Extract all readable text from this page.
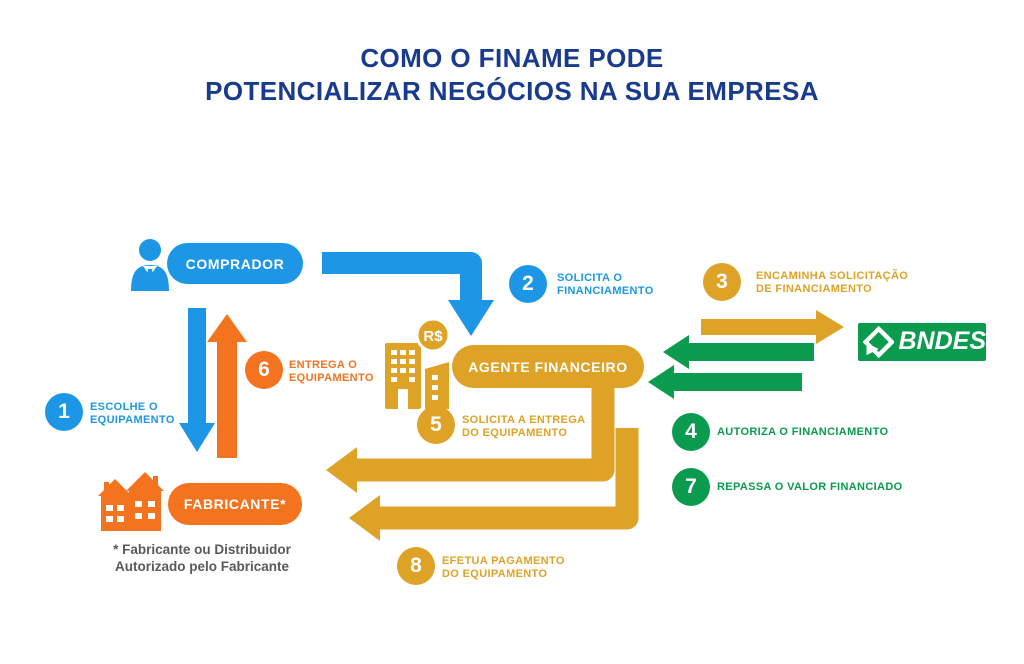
COMO O FINAME PODE
POTENCIALIZAR NEGÓCIOS NA SUA EMPRESA
COMPRADOR
R$
AGENTE FINANCEIRO
BNDES
FABRICANTE*
* Fabricante ou Distribuidor
Autorizado pelo Fabricante
1 ESCOLHE O
EQUIPAMENTO
2 SOLICITA O
FINANCIAMENTO	3	ENCAMINHA SOLICITAÇÃO
DE FINANCIAMENTO
4 AUTORIZA O FINANCIAMENTO
5 SOLICITA A ENTREGA
DO EQUIPAMENTO
6 ENTREGA O
EQUIPAMENTO
7 REPASSA O VALOR FINANCIADO
8 EFETUA PAGAMENTO
DO EQUIPAMENTO
